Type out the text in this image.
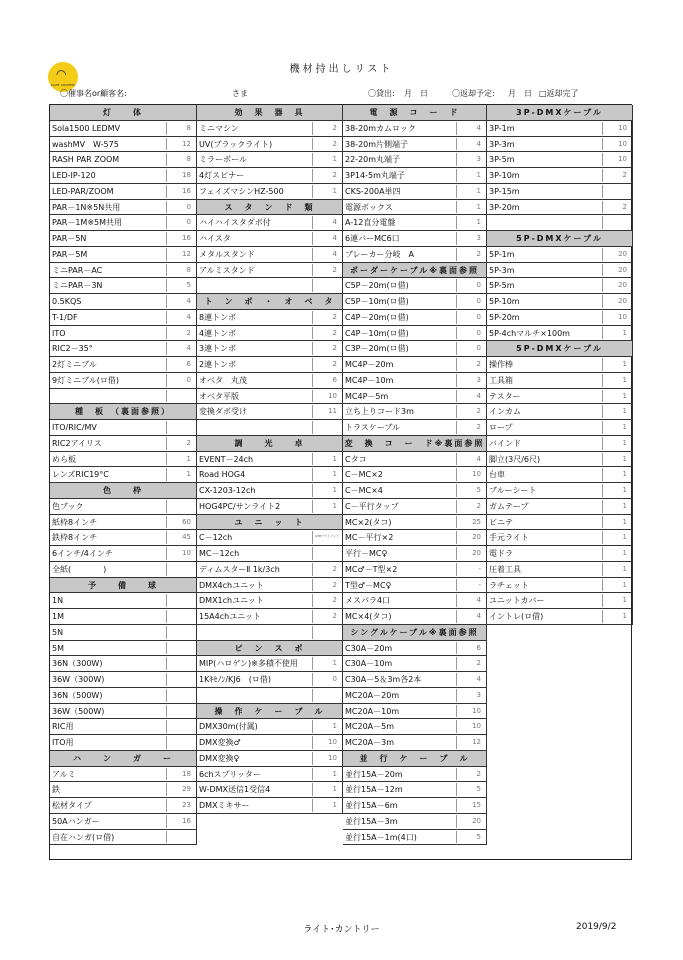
◠
LIGHT COUNTRY
機材持出しリスト
〇催事名or顧客名:	さま	〇貸出: 月　日	〇返却予定: 月　日 □返却完了
灯　　体
Sola1500 LEDMV	8
washMV　W-575	12
RASH PAR ZOOM	8
LED-IP-120	18
LED-PAR/ZOOM	16
PAR－1N※5N共用	0
PAR－1M※5M共用	0
PAR－5N	16
PAR－5M	12
ミニPAR－AC	8
ミニPAR－3N	5
0.5KQS	4
T-1/DF	4
ITO	2
RIC2－35°	4
2灯ミニブル	6
9灯ミニブル(ロ借)	0
種　板　（裏面参照）
ITO/RIC/MV
RIC2アイリス	2
めら板	1
レンズRIC19°C	1
色　　枠
色ブック
紙枠8インチ	60
鉄枠8インチ	45
6インチ/4インチ	10
全紙(　　　　)
予　　備　　球
1N
1M
5N
5M
36N（300W)
36W（300W)
36N（500W)
36W（500W)
RIC用
ITO用
ハ　　ン　　ガ　　ー
アルミ	18
鉄	29
松材タイプ	23
50Aハンガー	16
自在ハンガ(ロ借)
効　果　器　具
ミニマシン	2
UV(ブラックライト)	2
ミラーボール	1
4灯スピナー	2
フェイズマシンHZ-500	1
ス　タ　ン　ド　類
ハイハイスタダボ付	4
ハイスタ	4
メタルスタンド	4
アルミスタンド	2
ト　ン　ボ　・　オ　ベ　タ
8連トンボ	2
4連トンボ	2
3連トンボ	2
2連トンボ	2
オベタ　丸茂	6
オベタ平版	10
変換ダボ受け	11
調　　光　　卓
EVENT－24ch	1
Road HOG4	1
CX-1203-12ch	1
HOG4PC/サンライト2	1
ユ　ニ　ッ　ト
C－12ch	※3Pアウトプット
MC－12ch
ディムスターⅡ 1k/3ch	2
DMX4chユニット	2
DMX1chユニット	2
15A4chユニット	2
ピ　ン　ス　ポ
MIP(ハロゲン)※多積不使用	1
1Kｷｾﾉﾝ/KJ6　(ロ借)	0
操　作　ケ　ー　ブ　ル
DMX30m(付属)	1
DMX変換♂	10
DMX変換♀	10
6chスプリッター	1
W-DMX送信1受信4	1
DMXミキサー	1
電　源　コ　ー　ド
38-20mカムロック	4
38-20m片側端子	4
22-20m丸端子	3
3P14-5m丸端子	1
CKS-200A単四	1
電源ボックス	1
A-12直分電盤	1
6連バーMC6口	3
ブレーカー分岐　A	2
ボーダーケーブル※裏面参照
C5P－20m(ロ借)	0
C5P－10m(ロ借)	0
C4P－20m(ロ借)	0
C4P－10m(ロ借)	0
C3P－20m(ロ借)	0
MC4P－20m	2
MC4P－10m	3
MC4P－5m	4
立ち上りコード3m	2
トラスケーブル	2
変　換　コ　ー　ド※裏面参照
Cタコ	4
C－MC×2	10
C－MC×4	5
C－平行タップ	2
MC×2(タコ)	25
MC－平行×2	20
平行－MC♀	20
MC♂－T型×2	-
T型♂－MC♀	-
メスパラ4口	4
MC×4(タコ)	4
シングルケーブル※裏面参照
C30A－20m	6
C30A－10m	2
C30A－5＆3m各2本	4
MC20A－20m	3
MC20A－10m	10
MC20A－5m	10
MC20A－3m	12
並　行　ケ　ー　ブ　ル
並行15A－20m	2
並行15A－12m	5
並行15A－6m	15
並行15A－3m	20
並行15A－1m(4口)	5
3P-DMXケーブル
3P-1m	10
3P-3m	10
3P-5m	10
3P-10m	2
3P-15m
3P-20m	2
5P-DMXケーブル
5P-1m	20
5P-3m	20
5P-5m	20
5P-10m	20
5P-20m	10
5P-4chマルチ×100m	1
5P-DMXケーブル
操作棒	1
工具箱	1
テスター	1
インカム	1
ロープ	1
バインド	1
脚立(3尺/6尺)	1
台車	1
ブルーシート	1
ガムテープ	1
ビニテ	1
手元ライト	1
電ドラ	1
圧着工具	1
ラチェット	1
ユニットカバー	1
イントレ(ロ借)	1
ライト･カントリー	2019/9/2
